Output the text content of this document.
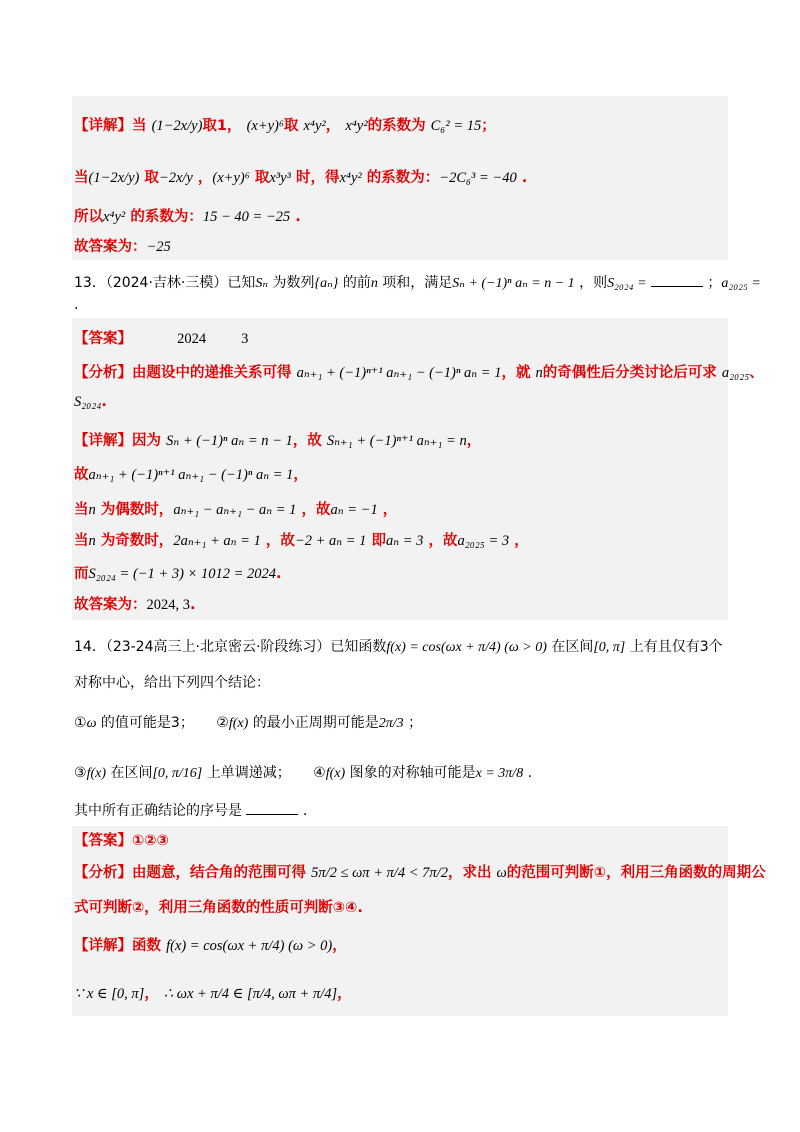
【详解】当 (1−2x/y)取1， (x+y)⁶取 x⁴y²， x⁴y²的系数为 C₆² = 15；
当(1−2x/y) 取−2x/y ，(x+y)⁶ 取x³y³ 时，得x⁴y² 的系数为：−2C₆³ = −40 .
所以x⁴y² 的系数为：15 − 40 = −25 .
故答案为：−25
13．（2024·吉林·三模）已知Sₙ 为数列{aₙ} 的前n 项和，满足Sₙ + (−1)ⁿ aₙ = n − 1 ，则S₂₀₂₄ =	；a₂₀₂₅ =
.
【答案】	2024 3
【分析】由题设中的递推关系可得 aₙ₊₁ + (−1)ⁿ⁺¹ aₙ₊₁ − (−1)ⁿ aₙ = 1，就 n的奇偶性后分类讨论后可求 a₂₀₂₅、
S₂₀₂₄.
【详解】因为 Sₙ + (−1)ⁿ aₙ = n − 1，故 Sₙ₊₁ + (−1)ⁿ⁺¹ aₙ₊₁ = n，
故aₙ₊₁ + (−1)ⁿ⁺¹ aₙ₊₁ − (−1)ⁿ aₙ = 1，
当n 为偶数时，aₙ₊₁ − aₙ₊₁ − aₙ = 1 ，故aₙ = −1 ，
当n 为奇数时，2aₙ₊₁ + aₙ = 1 ，故−2 + aₙ = 1 即aₙ = 3 ，故a₂₀₂₅ = 3 ，
而S₂₀₂₄ = (−1 + 3) × 1012 = 2024.
故答案为：2024, 3.
14．（23-24高三上·北京密云·阶段练习）已知函数f(x) = cos(ωx + π/4) (ω > 0) 在区间[0, π] 上有且仅有3个
对称中心，给出下列四个结论：
①ω 的值可能是3； ②f(x) 的最小正周期可能是2π/3 ；
③f(x) 在区间[0, π/16] 上单调递减； ④f(x) 图象的对称轴可能是x = 3π/8 .
其中所有正确结论的序号是	.
【答案】①②③
【分析】由题意，结合角的范围可得 5π/2 ≤ ωπ + π/4 < 7π/2，求出 ω的范围可判断①，利用三角函数的周期公
式可判断②，利用三角函数的性质可判断③④.
【详解】函数 f(x) = cos(ωx + π/4) (ω > 0)，
∵ x ∈ [0, π]， ∴ ωx + π/4 ∈ [π/4, ωπ + π/4]，
